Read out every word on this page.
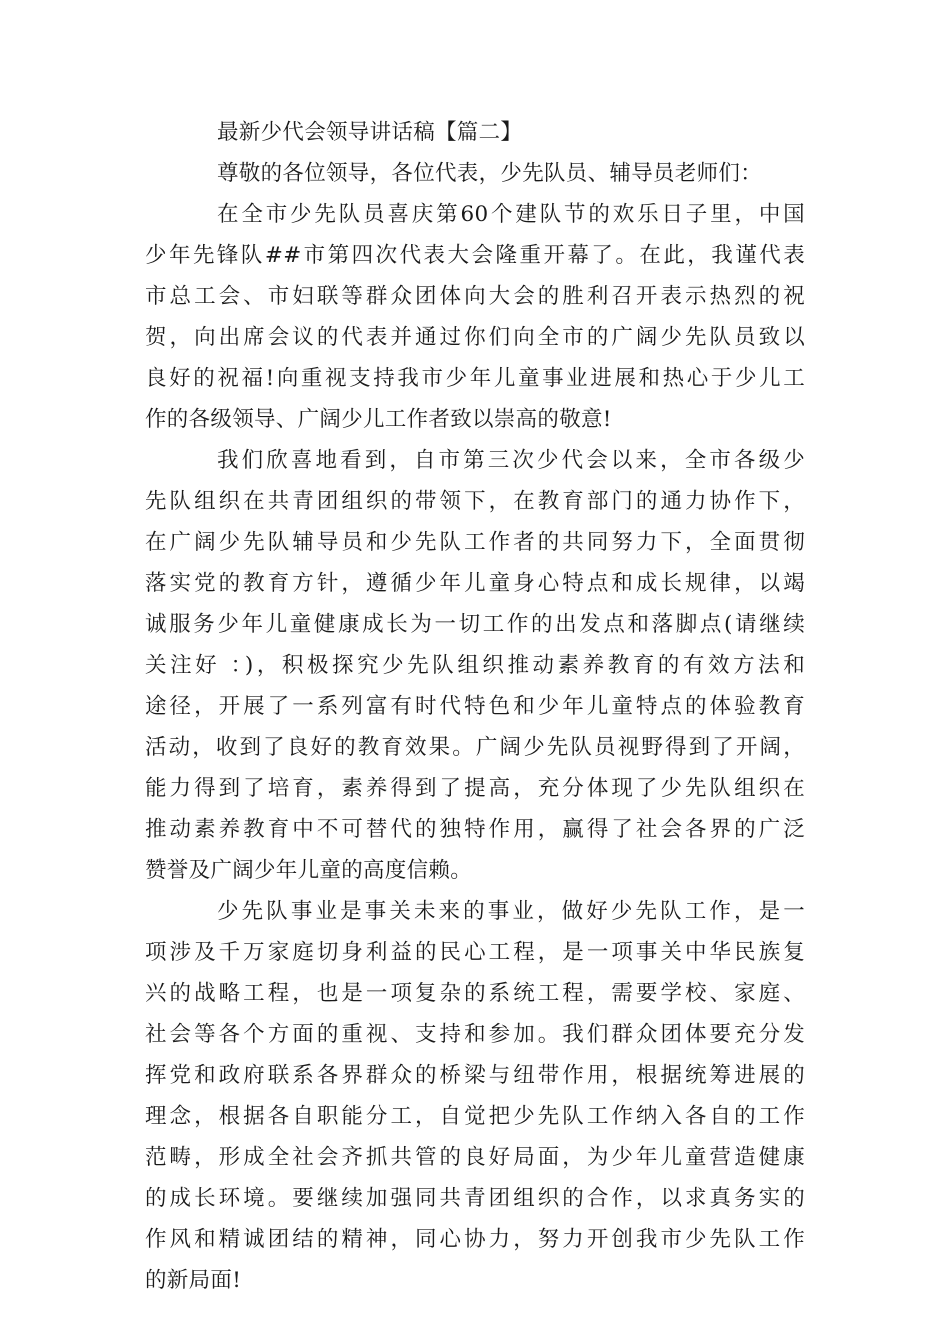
最新少代会领导讲话稿【篇二】
尊敬的各位领导，各位代表，少先队员、辅导员老师们：
在全市少先队员喜庆第60个建队节的欢乐日子里，中国
少年先锋队##市第四次代表大会隆重开幕了。在此，我谨代表
市总工会、市妇联等群众团体向大会的胜利召开表示热烈的祝
贺，向出席会议的代表并通过你们向全市的广阔少先队员致以
良好的祝福!向重视支持我市少年儿童事业进展和热心于少儿工
作的各级领导、广阔少儿工作者致以崇高的敬意!
我们欣喜地看到，自市第三次少代会以来，全市各级少
先队组织在共青团组织的带领下，在教育部门的通力协作下，
在广阔少先队辅导员和少先队工作者的共同努力下，全面贯彻
落实党的教育方针，遵循少年儿童身心特点和成长规律，以竭
诚服务少年儿童健康成长为一切工作的出发点和落脚点(请继续
关注好 ：)，积极探究少先队组织推动素养教育的有效方法和
途径，开展了一系列富有时代特色和少年儿童特点的体验教育
活动，收到了良好的教育效果。广阔少先队员视野得到了开阔，
能力得到了培育，素养得到了提高，充分体现了少先队组织在
推动素养教育中不可替代的独特作用，赢得了社会各界的广泛
赞誉及广阔少年儿童的高度信赖。
少先队事业是事关未来的事业，做好少先队工作，是一
项涉及千万家庭切身利益的民心工程，是一项事关中华民族复
兴的战略工程，也是一项复杂的系统工程，需要学校、家庭、
社会等各个方面的重视、支持和参加。我们群众团体要充分发
挥党和政府联系各界群众的桥梁与纽带作用，根据统筹进展的
理念，根据各自职能分工，自觉把少先队工作纳入各自的工作
范畴，形成全社会齐抓共管的良好局面，为少年儿童营造健康
的成长环境。要继续加强同共青团组织的合作，以求真务实的
作风和精诚团结的精神，同心协力，努力开创我市少先队工作
的新局面!
